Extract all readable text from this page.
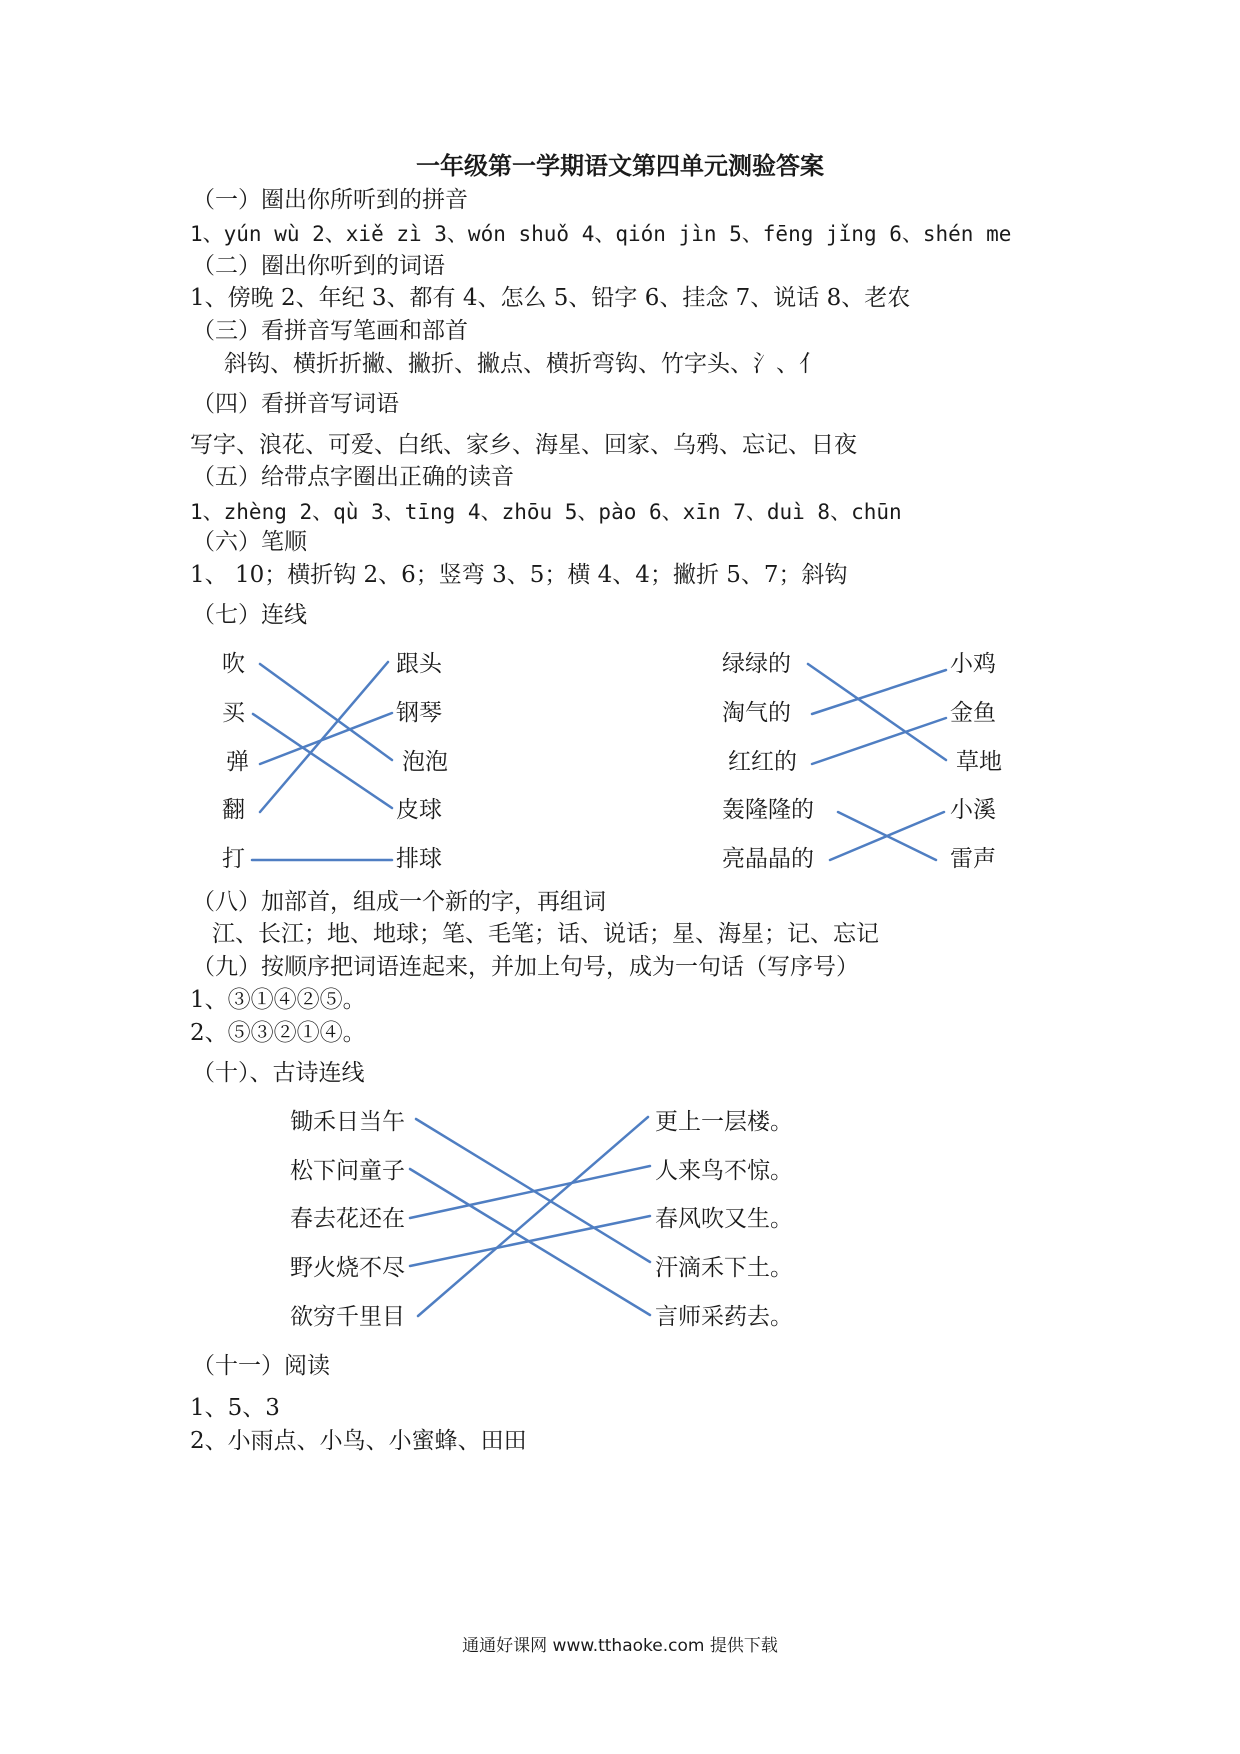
一年级第一学期语文第四单元测验答案
（一）圈出你所听到的拼音
1、yún wù 2、xiě zì 3、wón shuǒ 4、qión jìn 5、fēng jǐng 6、shén me
（二）圈出你听到的词语
1、傍晚 2、年纪 3、都有 4、怎么 5、铅字 6、挂念 7、说话 8、老农
（三）看拼音写笔画和部首
斜钩、横折折撇、撇折、撇点、横折弯钩、竹字头、氵、亻
（四）看拼音写词语
写字、浪花、可爱、白纸、家乡、海星、回家、乌鸦、忘记、日夜
（五）给带点字圈出正确的读音
1、zhèng 2、qù 3、tīng 4、zhōu 5、pào 6、xīn 7、duì 8、chūn
（六）笔顺
1、 10；横折钩 2、6；竖弯 3、5；横 4、4；撇折 5、7；斜钩
（七）连线
吹
买
弹
翻
打
跟头
钢琴
泡泡
皮球
排球
绿绿的
淘气的
红红的
轰隆隆的
亮晶晶的
小鸡
金鱼
草地
小溪
雷声
（八）加部首，组成一个新的字，再组词
江、长江；地、地球；笔、毛笔；话、说话；星、海星；记、忘记
（九）按顺序把词语连起来，并加上句号，成为一句话（写序号）
1、③①④②⑤。
2、⑤③②①④。
（十）、古诗连线
锄禾日当午
松下问童子
春去花还在
野火烧不尽
欲穷千里目
更上一层楼。
人来鸟不惊。
春风吹又生。
汗滴禾下土。
言师采药去。
（十一）阅读
1、5、3
2、小雨点、小鸟、小蜜蜂、田田
通通好课网 www.tthaoke.com 提供下载
